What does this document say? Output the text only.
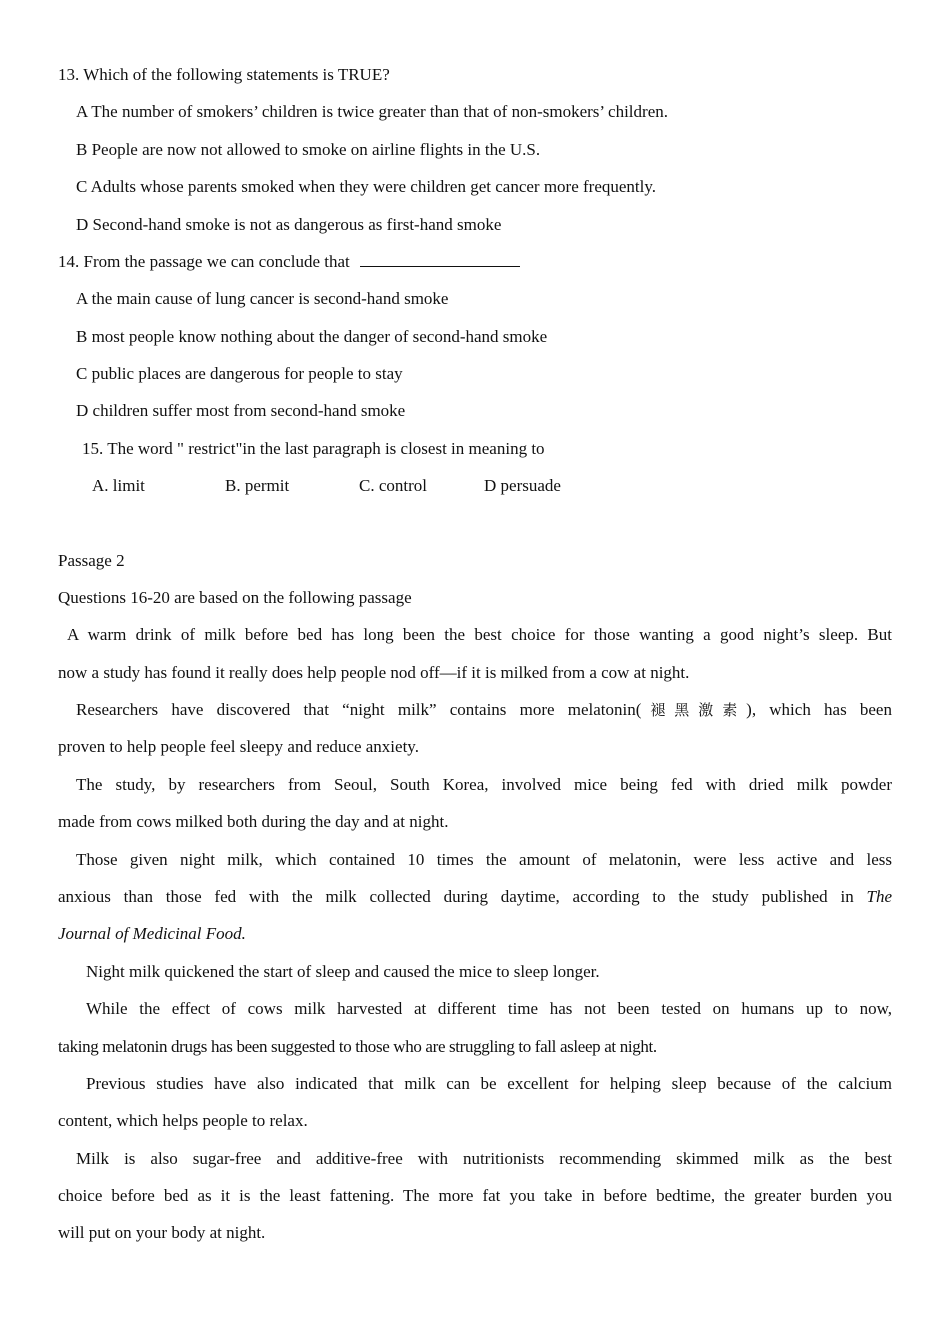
13. Which of the following statements is TRUE?
A The number of smokers’ children is twice greater than that of non-smokers’ children.
B People are now not allowed to smoke on airline flights in the U.S.
C Adults whose parents smoked when they were children get cancer more frequently.
D Second-hand smoke is not as dangerous as first-hand smoke
14. From the passage we can conclude that
A the main cause of lung cancer is second-hand smoke
B most people know nothing about the danger of second-hand smoke
C public places are dangerous for people to stay
D children suffer most from second-hand smoke
15. The word " restrict"in the last paragraph is closest in meaning to
A. limit	B. permit	C. control	D persuade
Passage 2
Questions 16-20 are based on the following passage
A warm drink of milk before bed has long been the best choice for those wanting a good night’s sleep. But
now a study has found it really does help people nod off—if it is milked from a cow at night.
Researchers have discovered that “night milk” contains more melatonin(褪黑激素), which has been
proven to help people feel sleepy and reduce anxiety.
The study, by researchers from Seoul, South Korea, involved mice being fed with dried milk powder
made from cows milked both during the day and at night.
Those given night milk, which contained 10 times the amount of melatonin, were less active and less
anxious than those fed with the milk collected during daytime, according to the study published in The
Journal of Medicinal Food.
Night milk quickened the start of sleep and caused the mice to sleep longer.
While the effect of cows milk harvested at different time has not been tested on humans up to now,
taking melatonin drugs has been suggested to those who are struggling to fall asleep at night.
Previous studies have also indicated that milk can be excellent for helping sleep because of the calcium
content, which helps people to relax.
Milk is also sugar-free and additive-free with nutritionists recommending skimmed milk as the best
choice before bed as it is the least fattening. The more fat you take in before bedtime, the greater burden you
will put on your body at night.
